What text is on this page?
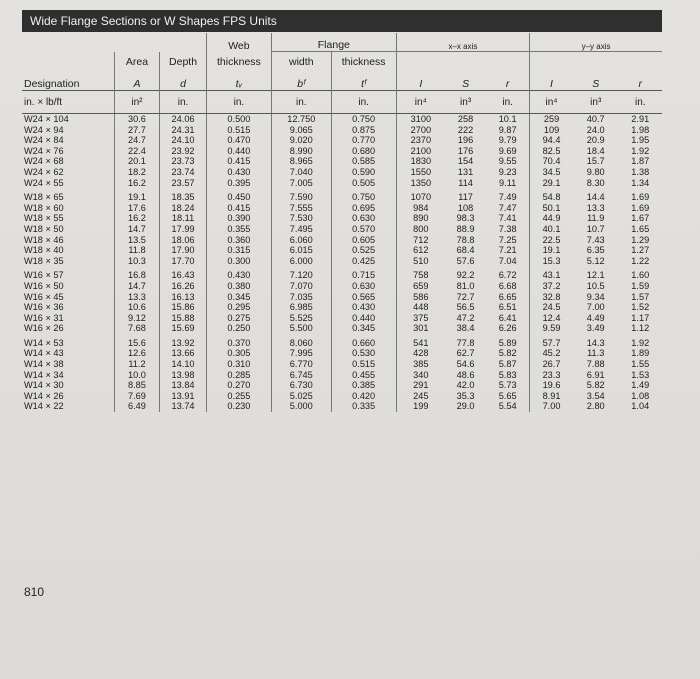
Wide Flange Sections or W Shapes FPS Units
			Web	Flange		x–x axis			y–y axis		
	Area	Depth	thickness	width	thickness						
Designation	A	d	tᵥ	bᶠ	tᶠ	I	S	r	I	S	r
in. × lb/ft	in²	in.	in.	in.	in.	in⁴	in³	in.	in⁴	in³	in.
W24 × 104	30.6	24.06	0.500	12.750	0.750	3100	258	10.1	259	40.7	2.91
W24 × 94	27.7	24.31	0.515	9.065	0.875	2700	222	9.87	109	24.0	1.98
W24 × 84	24.7	24.10	0.470	9.020	0.770	2370	196	9.79	94.4	20.9	1.95
W24 × 76	22.4	23.92	0.440	8.990	0.680	2100	176	9.69	82.5	18.4	1.92
W24 × 68	20.1	23.73	0.415	8.965	0.585	1830	154	9.55	70.4	15.7	1.87
W24 × 62	18.2	23.74	0.430	7.040	0.590	1550	131	9.23	34.5	9.80	1.38
W24 × 55	16.2	23.57	0.395	7.005	0.505	1350	114	9.11	29.1	8.30	1.34
W18 × 65	19.1	18.35	0.450	7.590	0.750	1070	117	7.49	54.8	14.4	1.69
W18 × 60	17.6	18.24	0.415	7.555	0.695	984	108	7.47	50.1	13.3	1.69
W18 × 55	16.2	18.11	0.390	7.530	0.630	890	98.3	7.41	44.9	11.9	1.67
W18 × 50	14.7	17.99	0.355	7.495	0.570	800	88.9	7.38	40.1	10.7	1.65
W18 × 46	13.5	18.06	0.360	6.060	0.605	712	78.8	7.25	22.5	7.43	1.29
W18 × 40	11.8	17.90	0.315	6.015	0.525	612	68.4	7.21	19.1	6.35	1.27
W18 × 35	10.3	17.70	0.300	6.000	0.425	510	57.6	7.04	15.3	5.12	1.22
W16 × 57	16.8	16.43	0.430	7.120	0.715	758	92.2	6.72	43.1	12.1	1.60
W16 × 50	14.7	16.26	0.380	7.070	0.630	659	81.0	6.68	37.2	10.5	1.59
W16 × 45	13.3	16.13	0.345	7.035	0.565	586	72.7	6.65	32.8	9.34	1.57
W16 × 36	10.6	15.86	0.295	6.985	0.430	448	56.5	6.51	24.5	7.00	1.52
W16 × 31	9.12	15.88	0.275	5.525	0.440	375	47.2	6.41	12.4	4.49	1.17
W16 × 26	7.68	15.69	0.250	5.500	0.345	301	38.4	6.26	9.59	3.49	1.12
W14 × 53	15.6	13.92	0.370	8.060	0.660	541	77.8	5.89	57.7	14.3	1.92
W14 × 43	12.6	13.66	0.305	7.995	0.530	428	62.7	5.82	45.2	11.3	1.89
W14 × 38	11.2	14.10	0.310	6.770	0.515	385	54.6	5.87	26.7	7.88	1.55
W14 × 34	10.0	13.98	0.285	6.745	0.455	340	48.6	5.83	23.3	6.91	1.53
W14 × 30	8.85	13.84	0.270	6.730	0.385	291	42.0	5.73	19.6	5.82	1.49
W14 × 26	7.69	13.91	0.255	5.025	0.420	245	35.3	5.65	8.91	3.54	1.08
W14 × 22	6.49	13.74	0.230	5.000	0.335	199	29.0	5.54	7.00	2.80	1.04
810
